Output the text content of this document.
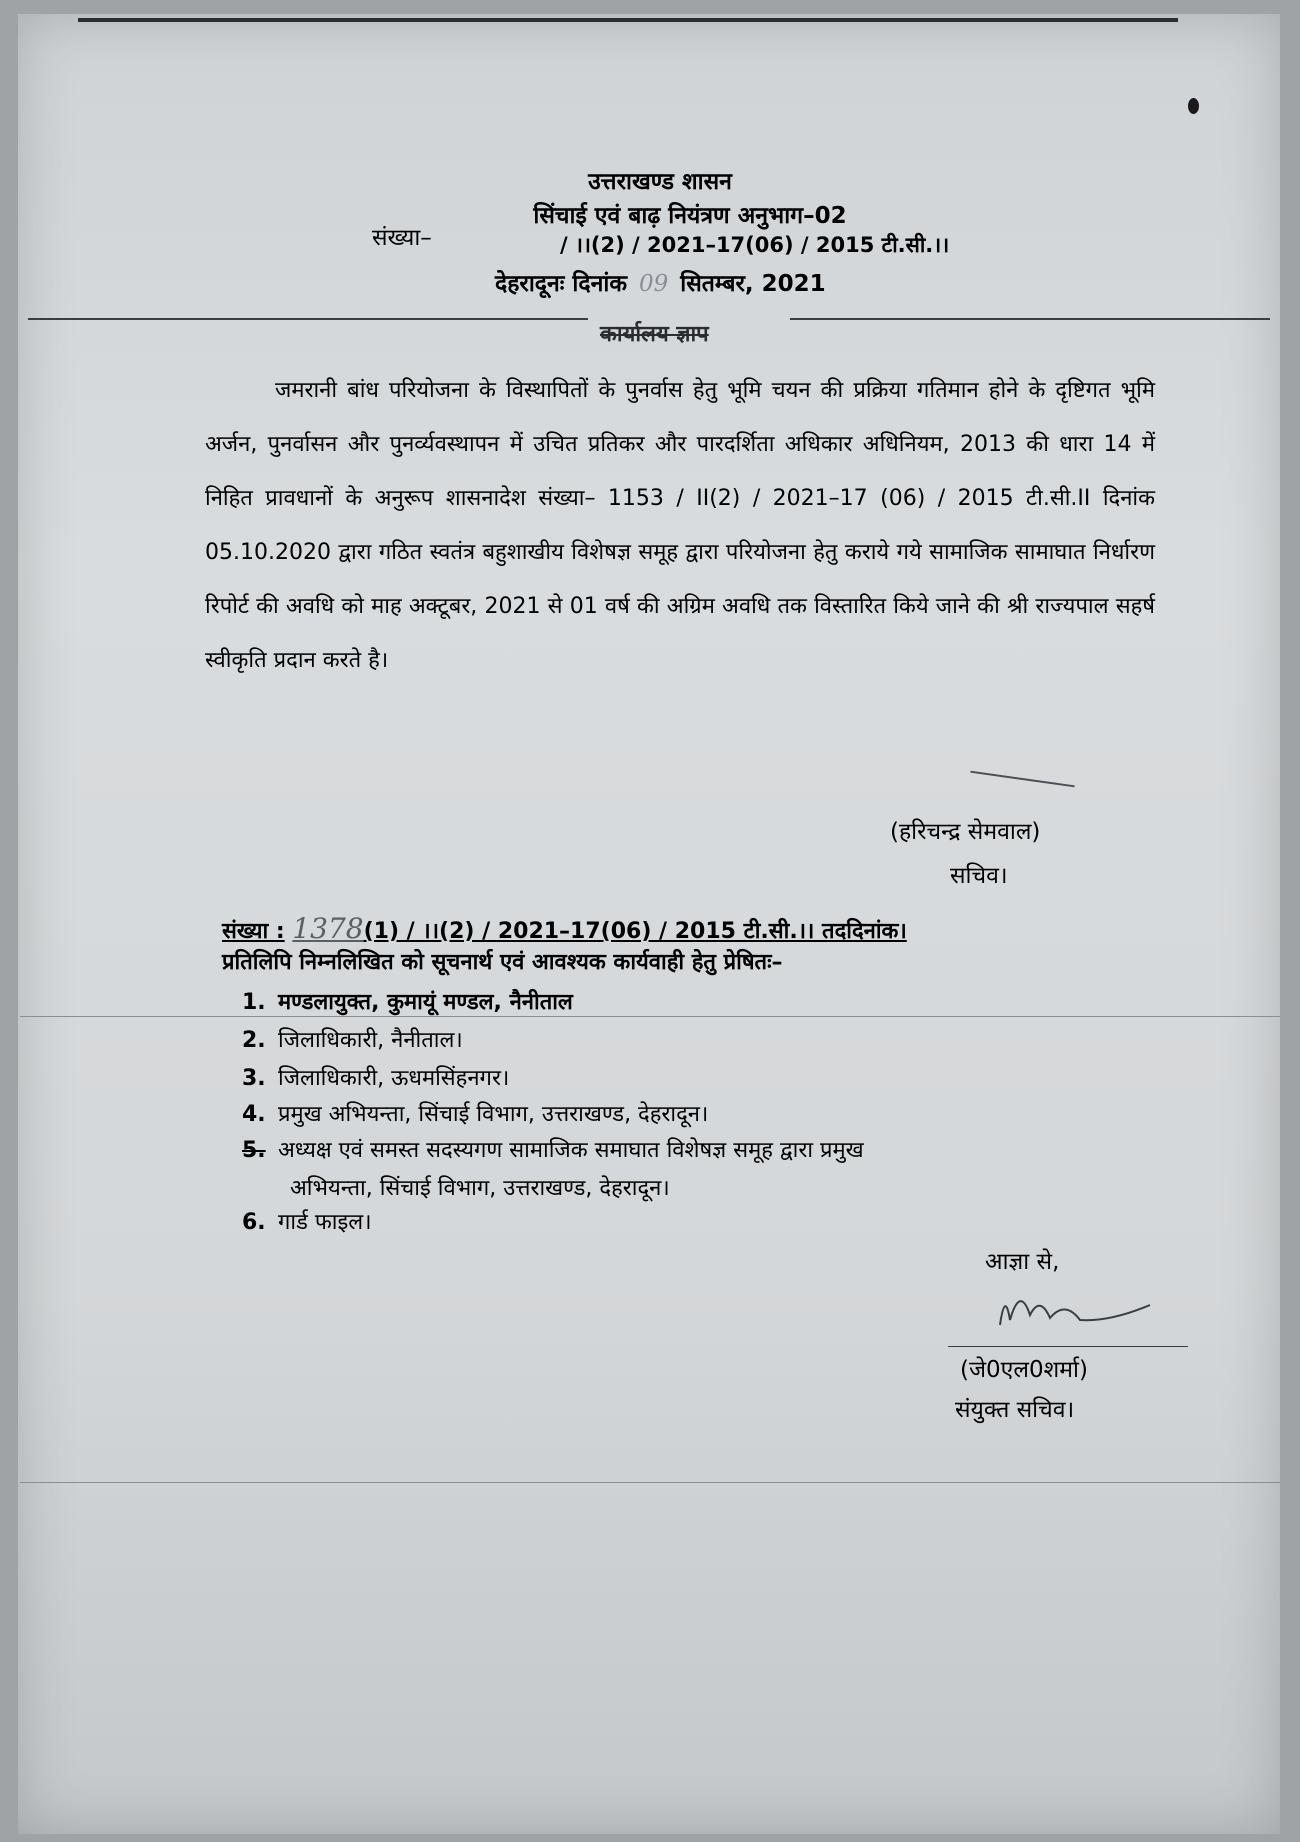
उत्तराखण्ड शासन
सिंचाई एवं बाढ़ नियंत्रण अनुभाग–02
संख्या–	/ ।।(2) / 2021–17(06) / 2015 टी.सी.।।
देहरादूनः दिनांक 09 सितम्बर, 2021
कार्यालय ज्ञाप
जमरानी बांध परियोजना के विस्थापितों के पुनर्वास हेतु भूमि चयन की प्रक्रिया गतिमान होने के दृष्टिगत भूमि अर्जन, पुनर्वासन और पुनर्व्यवस्थापन में उचित प्रतिकर और पारदर्शिता अधिकार अधिनियम, 2013 की धारा 14 में निहित प्रावधानों के अनुरूप शासनादेश संख्या– 1153 / II(2) / 2021–17 (06) / 2015 टी.सी.II दिनांक 05.10.2020 द्वारा गठित स्वतंत्र बहुशाखीय विशेषज्ञ समूह द्वारा परियोजना हेतु कराये गये सामाजिक सामाघात निर्धारण रिपोर्ट की अवधि को माह अक्टूबर, 2021 से 01 वर्ष की अग्रिम अवधि तक विस्तारित किये जाने की श्री राज्यपाल सहर्ष स्वीकृति प्रदान करते है।
(हरिचन्द्र सेमवाल)
सचिव।
संख्या : 1378(1) / ।।(2) / 2021–17(06) / 2015 टी.सी.।। तददिनांक।
प्रतिलिपि निम्नलिखित को सूचनार्थ एवं आवश्यक कार्यवाही हेतु प्रेषितः–
1. मण्डलायुक्त, कुमायूं मण्डल, नैनीताल
2. जिलाधिकारी, नैनीताल।
3. जिलाधिकारी, ऊधमसिंहनगर।
4. प्रमुख अभियन्ता, सिंचाई विभाग, उत्तराखण्ड, देहरादून।
5. अध्यक्ष एवं समस्त सदस्यगण सामाजिक समाघात विशेषज्ञ समूह द्वारा प्रमुख
अभियन्ता, सिंचाई विभाग, उत्तराखण्ड, देहरादून।
6. गार्ड फाइल।
आज्ञा से,
(जे0एल0शर्मा)
संयुक्त सचिव।
